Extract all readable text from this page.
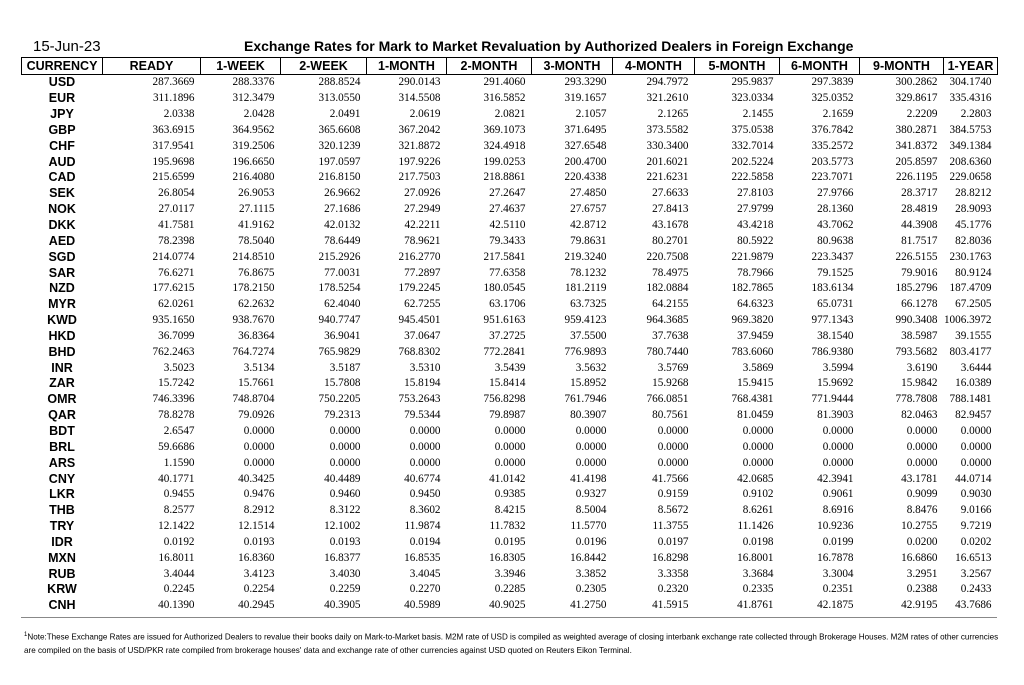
15-Jun-23	Exchange Rates for Mark to Market Revaluation by Authorized Dealers in Foreign Exchange
CURRENCY	READY	1-WEEK	2-WEEK	1-MONTH	2-MONTH	3-MONTH	4-MONTH	5-MONTH	6-MONTH	9-MONTH	1-YEAR
USD	287.3669	288.3376	288.8524	290.0143	291.4060	293.3290	294.7972	295.9837	297.3839	300.2862	304.1740
EUR	311.1896	312.3479	313.0550	314.5508	316.5852	319.1657	321.2610	323.0334	325.0352	329.8617	335.4316
JPY	2.0338	2.0428	2.0491	2.0619	2.0821	2.1057	2.1265	2.1455	2.1659	2.2209	2.2803
GBP	363.6915	364.9562	365.6608	367.2042	369.1073	371.6495	373.5582	375.0538	376.7842	380.2871	384.5753
CHF	317.9541	319.2506	320.1239	321.8872	324.4918	327.6548	330.3400	332.7014	335.2572	341.8372	349.1384
AUD	195.9698	196.6650	197.0597	197.9226	199.0253	200.4700	201.6021	202.5224	203.5773	205.8597	208.6360
CAD	215.6599	216.4080	216.8150	217.7503	218.8861	220.4338	221.6231	222.5858	223.7071	226.1195	229.0658
SEK	26.8054	26.9053	26.9662	27.0926	27.2647	27.4850	27.6633	27.8103	27.9766	28.3717	28.8212
NOK	27.0117	27.1115	27.1686	27.2949	27.4637	27.6757	27.8413	27.9799	28.1360	28.4819	28.9093
DKK	41.7581	41.9162	42.0132	42.2211	42.5110	42.8712	43.1678	43.4218	43.7062	44.3908	45.1776
AED	78.2398	78.5040	78.6449	78.9621	79.3433	79.8631	80.2701	80.5922	80.9638	81.7517	82.8036
SGD	214.0774	214.8510	215.2926	216.2770	217.5841	219.3240	220.7508	221.9879	223.3437	226.5155	230.1763
SAR	76.6271	76.8675	77.0031	77.2897	77.6358	78.1232	78.4975	78.7966	79.1525	79.9016	80.9124
NZD	177.6215	178.2150	178.5254	179.2245	180.0545	181.2119	182.0884	182.7865	183.6134	185.2796	187.4709
MYR	62.0261	62.2632	62.4040	62.7255	63.1706	63.7325	64.2155	64.6323	65.0731	66.1278	67.2505
KWD	935.1650	938.7670	940.7747	945.4501	951.6163	959.4123	964.3685	969.3820	977.1343	990.3408	1006.3972
HKD	36.7099	36.8364	36.9041	37.0647	37.2725	37.5500	37.7638	37.9459	38.1540	38.5987	39.1555
BHD	762.2463	764.7274	765.9829	768.8302	772.2841	776.9893	780.7440	783.6060	786.9380	793.5682	803.4177
INR	3.5023	3.5134	3.5187	3.5310	3.5439	3.5632	3.5769	3.5869	3.5994	3.6190	3.6444
ZAR	15.7242	15.7661	15.7808	15.8194	15.8414	15.8952	15.9268	15.9415	15.9692	15.9842	16.0389
OMR	746.3396	748.8704	750.2205	753.2643	756.8298	761.7946	766.0851	768.4381	771.9444	778.7808	788.1481
QAR	78.8278	79.0926	79.2313	79.5344	79.8987	80.3907	80.7561	81.0459	81.3903	82.0463	82.9457
BDT	2.6547	0.0000	0.0000	0.0000	0.0000	0.0000	0.0000	0.0000	0.0000	0.0000	0.0000
BRL	59.6686	0.0000	0.0000	0.0000	0.0000	0.0000	0.0000	0.0000	0.0000	0.0000	0.0000
ARS	1.1590	0.0000	0.0000	0.0000	0.0000	0.0000	0.0000	0.0000	0.0000	0.0000	0.0000
CNY	40.1771	40.3425	40.4489	40.6774	41.0142	41.4198	41.7566	42.0685	42.3941	43.1781	44.0714
LKR	0.9455	0.9476	0.9460	0.9450	0.9385	0.9327	0.9159	0.9102	0.9061	0.9099	0.9030
THB	8.2577	8.2912	8.3122	8.3602	8.4215	8.5004	8.5672	8.6261	8.6916	8.8476	9.0166
TRY	12.1422	12.1514	12.1002	11.9874	11.7832	11.5770	11.3755	11.1426	10.9236	10.2755	9.7219
IDR	0.0192	0.0193	0.0193	0.0194	0.0195	0.0196	0.0197	0.0198	0.0199	0.0200	0.0202
MXN	16.8011	16.8360	16.8377	16.8535	16.8305	16.8442	16.8298	16.8001	16.7878	16.6860	16.6513
RUB	3.4044	3.4123	3.4030	3.4045	3.3946	3.3852	3.3358	3.3684	3.3004	3.2951	3.2567
KRW	0.2245	0.2254	0.2259	0.2270	0.2285	0.2305	0.2320	0.2335	0.2351	0.2388	0.2433
CNH	40.1390	40.2945	40.3905	40.5989	40.9025	41.2750	41.5915	41.8761	42.1875	42.9195	43.7686
$^1$Note:These Exchange Rates are issued for Authorized Dealers to revalue their books daily on Mark-to-Market basis. M2M rate of USD is compiled as weighted average of closing interbank exchange rate collected through Brokerage Houses. M2M rates of other currencies are compiled on the basis of USD/PKR rate compiled from brokerage houses' data and exchange rate of other currencies against USD quoted on Reuters Eikon Terminal.
